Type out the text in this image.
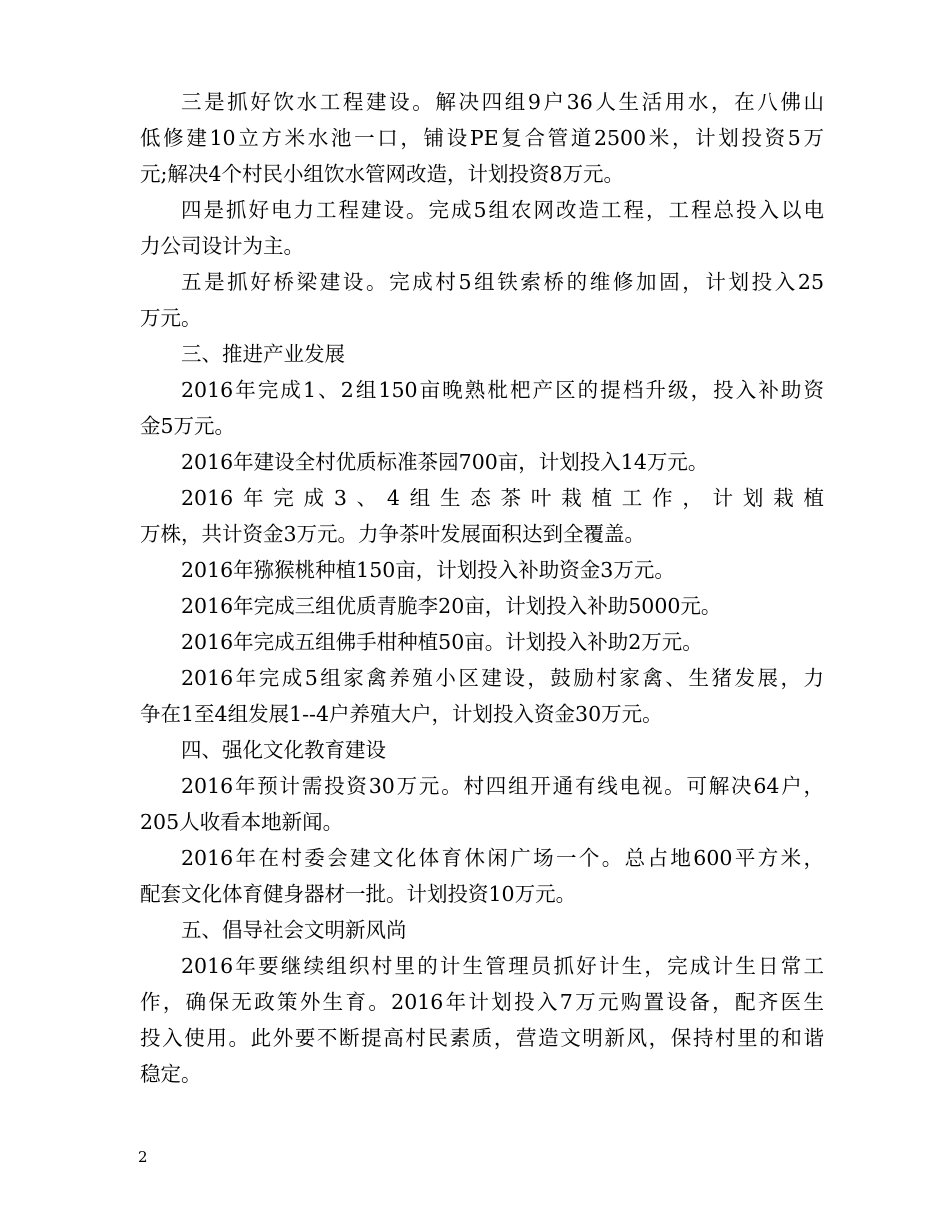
三是抓好饮水工程建设。解决四组9户36人生活用水，在八佛山
低修建10立方米水池一口，铺设PE复合管道2500米，计划投资5万
元;解决4个村民小组饮水管网改造，计划投资8万元。
四是抓好电力工程建设。完成5组农网改造工程，工程总投入以电
力公司设计为主。
五是抓好桥梁建设。完成村5组铁索桥的维修加固，计划投入25
万元。
三、推进产业发展
2016年完成1、2组150亩晚熟枇杷产区的提档升级，投入补助资
金5万元。
2016年建设全村优质标准茶园700亩，计划投入14万元。
2016年完成3、4组生态茶叶栽植工作，计划栽植
万株，共计资金3万元。力争茶叶发展面积达到全覆盖。
2016年猕猴桃种植150亩，计划投入补助资金3万元。
2016年完成三组优质青脆李20亩，计划投入补助5000元。
2016年完成五组佛手柑种植50亩。计划投入补助2万元。
2016年完成5组家禽养殖小区建设，鼓励村家禽、生猪发展，力
争在1至4组发展1--4户养殖大户，计划投入资金30万元。
四、强化文化教育建设
2016年预计需投资30万元。村四组开通有线电视。可解决64户，
205人收看本地新闻。
2016年在村委会建文化体育休闲广场一个。总占地600平方米，
配套文化体育健身器材一批。计划投资10万元。
五、倡导社会文明新风尚
2016年要继续组织村里的计生管理员抓好计生，完成计生日常工
作，确保无政策外生育。2016年计划投入7万元购置设备，配齐医生
投入使用。此外要不断提高村民素质，营造文明新风，保持村里的和谐
稳定。
2
